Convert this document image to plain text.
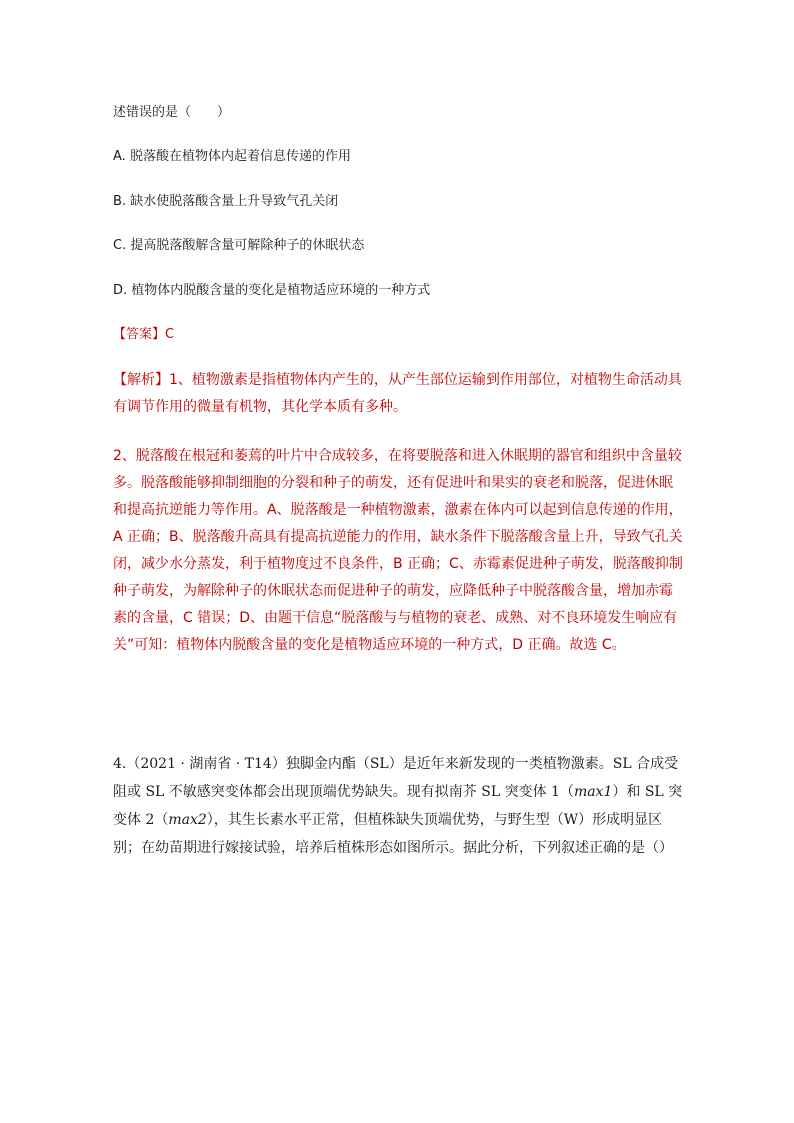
述错误的是（　　）
A. 脱落酸在植物体内起着信息传递的作用
B. 缺水使脱落酸含量上升导致气孔关闭
C. 提高脱落酸解含量可解除种子的休眠状态
D. 植物体内脱酸含量的变化是植物适应环境的一种方式
【答案】C
【解析】1、植物激素是指植物体内产生的，从产生部位运输到作用部位，对植物生命活动具有调节作用的微量有机物，其化学本质有多种。
2、脱落酸在根冠和萎蔫的叶片中合成较多，在将要脱落和进入休眠期的器官和组织中含量较多。脱落酸能够抑制细胞的分裂和种子的萌发，还有促进叶和果实的衰老和脱落，促进休眠和提高抗逆能力等作用。A、脱落酸是一种植物激素，激素在体内可以起到信息传递的作用，A 正确；B、脱落酸升高具有提高抗逆能力的作用，缺水条件下脱落酸含量上升，导致气孔关闭，减少水分蒸发，利于植物度过不良条件，B 正确；C、赤霉素促进种子萌发，脱落酸抑制种子萌发，为解除种子的休眠状态而促进种子的萌发，应降低种子中脱落酸含量，增加赤霉素的含量，C 错误；D、由题干信息“脱落酸与与植物的衰老、成熟、对不良环境发生响应有关”可知：植物体内脱酸含量的变化是植物适应环境的一种方式，D 正确。故选 C。
4.（2021 · 湖南省 · T14）独脚金内酯（SL）是近年来新发现的一类植物激素。SL 合成受阻或 SL 不敏感突变体都会出现顶端优势缺失。现有拟南芥 SL 突变体 1（max1）和 SL 突变体 2（max2），其生长素水平正常，但植株缺失顶端优势，与野生型（W）形成明显区别；在幼苗期进行嫁接试验，培养后植株形态如图所示。据此分析，下列叙述正确的是（）
